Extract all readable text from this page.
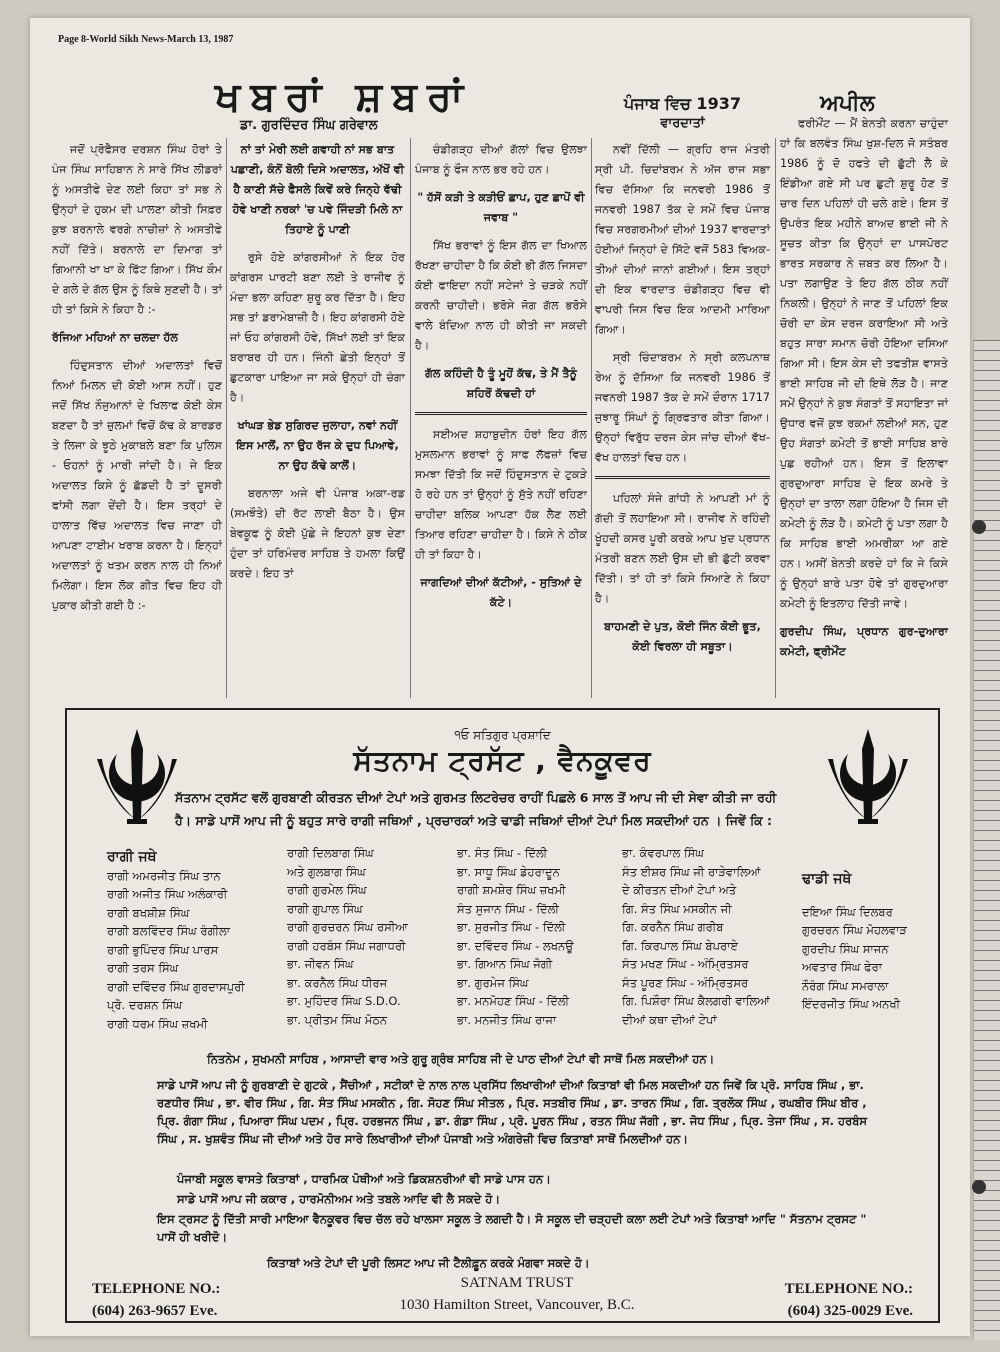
Page 8-World Sikh News-March 13, 1987
ਖਬਰਾਂ ਸ਼ਬਰਾਂ
ਡਾ. ਗੁਰਦਿੰਦਰ ਸਿੰਘ ਗਰੇਵਾਲ

ਜਦੋਂ ਪ੍ਰੋਫੈਸਰ ਦਰਸ਼ਨ ਸਿੰਘ ਹੋਰਾਂ ਤੇ ਪੰਜ ਸਿੰਘ ਸਾਹਿਬਾਨ ਨੇ ਸਾਰੇ ਸਿੱਖ ਲੀਡਰਾਂ ਨੂੰ ਅਸਤੀਫੇ ਦੇਣ ਲਈ ਕਿਹਾ ਤਾਂ ਸਭ ਨੇ ਉਨ੍ਹਾਂ ਦੇ ਹੁਕਮ ਦੀ ਪਾਲਣਾ ਕੀਤੀ ਸਿਫ਼ਰ ਕੁਝ ਬਰਨਾਲੇ ਵਰਗੇ ਨਾਚੀਜ਼ਾਂ ਨੇ ਅਸਤੀਫੇ ਨਹੀਂ ਦਿੱਤੇ। ਬਰਨਾਲੇ ਦਾ ਦਿਮਾਗ ਤਾਂ ਗਿਆਨੀ ਖਾ ਖਾ ਕੇ ਫਿੱਟ ਗਿਆ। ਸਿੱਖ ਕੌਮ ਦੇ ਗਲੇ ਦੇ ਗੱਲ ਉਸ ਨੂੰ ਕਿਥੇ ਸੁਣਦੀ ਹੈ। ਤਾਂ ਹੀ ਤਾਂ ਕਿਸੇ ਨੇ ਕਿਹਾ ਹੈ :-

ਰੱਜਿਆ ਮਹਿਆਂ ਨਾ ਚਲਦਾ ਹੱਲ

ਹਿੰਦੁਸਤਾਨ ਦੀਆਂ ਅਦਾਲਤਾਂ ਵਿਚੋਂ ਨਿਆਂ ਮਿਲਨ ਦੀ ਕੋਈ ਆਸ ਨਹੀਂ। ਹੁਣ ਜਦੋਂ ਸਿੱਖ ਨੌਜੁਆਨਾਂ ਦੇ ਖਿਲਾਫ ਕੋਈ ਕੇਸ ਬਣਦਾ ਹੈ ਤਾਂ ਜ਼ੁਲਮਾਂ ਵਿਚੋਂ ਕੱਢ ਕੇ ਬਾਰਡਰ ਤੇ ਲਿਜਾ ਕੇ ਝੂਠੇ ਮੁਕਾਬਲੇ ਬਣਾ ਕਿ ਪੁਲਿਸ - ਓਹਨਾਂ ਨੂੰ ਮਾਰੀ ਜਾਂਦੀ ਹੈ। ਜੇ ਇਕ ਅਦਾਲਤ ਕਿਸੇ ਨੂੰ ਛੱਡਦੀ ਹੈ ਤਾਂ ਦੂਸਰੀ ਫਾਂਸੀ ਲਗਾ ਦੇਂਦੀ ਹੈ। ਇਸ ਤਰ੍ਹਾਂ ਦੇ ਹਾਲਾਤ ਵਿੱਚ ਅਦਾਲਤ ਵਿਚ ਜਾਣਾ ਹੀ ਆਪਣਾ ਟਾਈਮ ਖਰਾਬ ਕਰਨਾ ਹੈ। ਇਨ੍ਹਾਂ ਅਦਾਲਤਾਂ ਨੂੰ ਖਤਮ ਕਰਨ ਨਾਲ ਹੀ ਨਿਆਂ ਮਿਲੇਗਾ। ਇਸ ਲੋਕ ਗੀਤ ਵਿਚ ਇਹ ਹੀ ਪੁਕਾਰ ਕੀਤੀ ਗਈ ਹੈ :-

ਨਾਂ ਤਾਂ ਮੇਰੀ ਲਈ ਗਵਾਹੀ ਨਾਂ ਸਭ ਬਾਤ ਪਛਾਣੀ, ਕੰਨੋਂ ਬੋਲੀ ਦਿਸੇ ਅਦਾਲਤ, ਅੱਖੋਂ ਵੀ ਹੈ ਕਾਣੀ ਸੱਚੇ ਫੈਸਲੇ ਕਿਵੇਂ ਕਰੇ ਜਿਨ੍ਹੇ ਵੱਢੀ ਹੋਵੇ ਖਾਣੀ ਨਰਕਾਂ 'ਚ ਪਵੇ ਜਿੰਦੜੀ ਮਿਲੇ ਨਾ ਤਿਹਾਏ ਨੂੰ ਪਾਣੀ

ਰੁਸੇ ਹੋਏ ਕਾਂਗਰਸੀਆਂ ਨੇ ਇਕ ਹੋਰ ਕਾਂਗਰਸ ਪਾਰਟੀ ਬਣਾ ਲਈ ਤੇ ਰਾਜੀਵ ਨੂੰ ਮੰਦਾ ਭਲਾ ਕਹਿਣਾ ਸ਼ੁਰੂ ਕਰ ਦਿੱਤਾ ਹੈ। ਇਹ ਸਭ ਤਾਂ ਡਰਾਮੇਬਾਜ਼ੀ ਹੈ। ਇਹ ਕਾਂਗਰਸੀ ਹੋਏ ਜਾਂ ਓਹ ਕਾਂਗਰਸੀ ਹੋਵੇ, ਸਿੱਖਾਂ ਲਈ ਤਾਂ ਇਕ ਬਰਾਬਰ ਹੀ ਹਨ। ਜਿੰਨੀ ਛੇਤੀ ਇਨ੍ਹਾਂ ਤੋਂ ਛੁਟਕਾਰਾ ਪਾਇਆ ਜਾ ਸਕੇ ਉਨ੍ਹਾਂ ਹੀ ਚੰਗਾ ਹੈ।

ਖਾਂਘੜ ਭੇਡ ਸੁਗਿਰਦ ਜੁਲਾਹਾ, ਨਵਾਂ ਨਹੀਂ ਇਸ ਮਾਲੋਂ, ਨਾ ਉਹ ਰੱਜ ਕੇ ਦੁਧ ਪਿਆਵੇ, ਨਾ ਉਹ ਕੱਢੇ ਕਾਲੋਂ।

ਬਰਨਾਲਾ ਅਜੇ ਵੀ ਪੰਜਾਬ ਅਕਾ-ਰਡ (ਸਮਝੌਤੇ) ਦੀ ਰੱਟ ਲਾਈ ਬੈਠਾ ਹੈ। ਉਸ ਬੇਵਕੂਫ ਨੂੰ ਕੋਈ ਪੁੱਛੇ ਜੇ ਇਹਨਾਂ ਕੁਝ ਦੇਣਾ ਹੁੰਦਾ ਤਾਂ ਹਰਿਮੰਦਰ ਸਾਹਿਬ ਤੇ ਹਮਲਾ ਕਿਉਂ ਕਰਦੇ। ਇਹ ਤਾਂ

ਚੰਡੀਗੜ੍ਹ ਦੀਆਂ ਗੱਲਾਂ ਵਿਚ ਉਲਝਾ ਪੰਜਾਬ ਨੂੰ ਫੌਜ ਨਾਲ ਭਰ ਰਹੇ ਹਨ।

" ਹੱਸੋਂ ਕੜੀ ਤੇ ਕੜੀਓਂ ਛਾਪ, ਹੁਣ ਛਾਪੋਂ ਵੀ ਜਵਾਬ "

ਸਿੱਖ ਭਰਾਵਾਂ ਨੂੰ ਇਸ ਗੱਲ ਦਾ ਖਿਆਲ ਰੱਖਣਾ ਚਾਹੀਦਾ ਹੈ ਕਿ ਕੋਈ ਭੀ ਗੱਲ ਜਿਸਦਾ ਕੋਈ ਫਾਇਦਾ ਨਹੀਂ ਸਟੇਜਾਂ ਤੇ ਚੜਕੇ ਨਹੀਂ ਕਰਨੀ ਚਾਹੀਦੀ। ਭਰੋਸੇ ਜੋਗ ਗੱਲ ਭਰੋਸੇ ਵਾਲੇ ਬੰਦਿਆ ਨਾਲ ਹੀ ਕੀਤੀ ਜਾ ਸਕਦੀ ਹੈ।

ਗੱਲ ਕਹਿੰਦੀ ਹੈ ਤੂੰ ਮੂਹੋਂ ਕੱਢ, ਤੇ ਮੈਂ ਤੈਨੂੰ ਸ਼ਹਿਰੋਂ ਕੱਢਦੀ ਹਾਂ

ਸਈਅਦ ਸ਼ਹਾਬੁਦੀਨ ਹੋਰਾਂ ਇਹ ਗੱਲ ਮੁਸਲਮਾਨ ਭਰਾਵਾਂ ਨੂੰ ਸਾਫ ਲੱਫਜ਼ਾਂ ਵਿਚ ਸਮਝਾ ਦਿੱਤੀ ਕਿ ਜਦੋਂ ਹਿੰਦੁਸਤਾਨ ਦੇ ਟੁਕੜੇ ਹੋ ਰਹੇ ਹਨ ਤਾਂ ਉਨ੍ਹਾਂ ਨੂੰ ਸੁੱਤੇ ਨਹੀਂ ਰਹਿਣਾ ਚਾਹੀਦਾ ਬਲਿਕ ਆਪਣਾ ਹੱਕ ਲੈਣ ਲਈ ਤਿਆਰ ਰਹਿਣਾ ਚਾਹੀਦਾ ਹੈ। ਕਿਸੇ ਨੇ ਠੀਕ ਹੀ ਤਾਂ ਕਿਹਾ ਹੈ।

ਜਾਗਦਿਆਂ ਦੀਆਂ ਕੱਟੀਆਂ, - ਸੁਤਿਆਂ ਦੇ ਕੱਟੇ।

ਪੰਜਾਬ ਵਿਚ 1937

ਵਾਰਦਾਤਾਂ

ਨਵੀਂ ਦਿੱਲੀ — ਗ੍ਰਹਿ ਰਾਜ ਮੰਤਰੀ ਸ੍ਰੀ ਪੀ. ਚਿਦਾਂਬਰਮ ਨੇ ਅੱਜ ਰਾਜ ਸਭਾ ਵਿਚ ਦੱਸਿਆ ਕਿ ਜਨਵਰੀ 1986 ਤੋਂ ਜਨਵਰੀ 1987 ਤੱਕ ਦੇ ਸਮੇਂ ਵਿਚ ਪੰਜਾਬ ਵਿਚ ਸਰਗਰਮੀਆਂ ਦੀਆਂ 1937 ਵਾਰਦਾਤਾਂ ਹੋਈਆਂ ਜਿਨ੍ਹਾਂ ਦੇ ਸਿੱਟੇ ਵਜੋਂ 583 ਵਿਅਕ-ਤੀਆਂ ਦੀਆਂ ਜਾਨਾਂ ਗਈਆਂ। ਇਸ ਤਰ੍ਹਾਂ ਦੀ ਇਕ ਵਾਰਦਾਤ ਚੰਡੀਗੜ੍ਹ ਵਿਚ ਵੀ ਵਾਪਰੀ ਜਿਸ ਵਿਚ ਇਕ ਆਦਮੀ ਮਾਰਿਆ ਗਿਆ।

ਸ੍ਰੀ ਚਿੰਦਾਬਰਮ ਨੇ ਸ੍ਰੀ ਕਲਪਨਾਥ ਰੇਅ ਨੂੰ ਦੱਸਿਆ ਕਿ ਜਨਵਰੀ 1986 ਤੋਂ ਜਵਨਰੀ 1987 ਤੱਕ ਦੇ ਸਮੇਂ ਦੌਰਾਨ 1717 ਜੁਝਾਰੂ ਸਿੰਘਾਂ ਨੂੰ ਗ੍ਰਿਫਤਾਰ ਕੀਤਾ ਗਿਆ। ਉਨ੍ਹਾਂ ਵਿਰੁੱਧ ਦਰਜ ਕੇਸ ਜਾਂਚ ਦੀਆਂ ਵੱਖ-ਵੱਖ ਹਾਲਤਾਂ ਵਿਚ ਹਨ।

ਪਹਿਲਾਂ ਸੰਜੇ ਗਾਂਧੀ ਨੇ ਆਪਣੀ ਮਾਂ ਨੂੰ ਗੱਦੀ ਤੋਂ ਲਹਾਇਆ ਸੀ। ਰਾਜੀਵ ਨੇ ਰਹਿੰਦੀ ਖੂੰਹਦੀ ਕਸਰ ਪੂਰੀ ਕਰਕੇ ਆਪ ਖੁਦ ਪ੍ਰਧਾਨ ਮੰਤਰੀ ਬਣਨ ਲਈ ਉਸ ਦੀ ਭੀ ਛੁੱਟੀ ਕਰਵਾ ਦਿੱਤੀ। ਤਾਂ ਹੀ ਤਾਂ ਕਿਸੇ ਸਿਆਣੇ ਨੇ ਕਿਹਾ ਹੈ।

ਬਾਹਮਣੀ ਦੇ ਪੁਤ, ਕੋਈ ਜਿੰਨ ਕੋਈ ਭੂਤ, ਕੋਈ ਵਿਰਲਾ ਹੀ ਸਬੂਤਾ।

ਅਪੀਲ

ਫਰੀਮੌਂਟ — ਮੈਂ ਬੇਨਤੀ ਕਰਨਾ ਚਾਹੁੰਦਾ ਹਾਂ ਕਿ ਬਲਵੰਤ ਸਿੰਘ ਖੁਸ਼-ਦਿਲ ਜੋ ਸਤੰਬਰ 1986 ਨੂੰ ਦੋ ਹਫਤੇ ਦੀ ਛੁੱਟੀ ਲੈ ਕੇ ਇੰਡੀਆ ਗਏ ਸੀ ਪਰ ਛੁਟੀ ਸ਼ੁਰੂ ਹੋਣ ਤੋਂ ਚਾਰ ਦਿਨ ਪਹਿਲਾਂ ਹੀ ਚਲੇ ਗਏ। ਇਸ ਤੋਂ ਉਪਰੰਤ ਇਕ ਮਹੀਨੇ ਬਾਅਦ ਭਾਈ ਜੀ ਨੇ ਸੂਚਤ ਕੀਤਾ ਕਿ ਉਨ੍ਹਾਂ ਦਾ ਪਾਸਪੋਰਟ ਭਾਰਤ ਸਰਕਾਰ ਨੇ ਜ਼ਬਤ ਕਰ ਲਿਆ ਹੈ। ਪਤਾ ਲਗਾਉਣ ਤੇ ਇਹ ਗੱਲ ਠੀਕ ਨਹੀਂ ਨਿਕਲੀ। ਉਨ੍ਹਾਂ ਨੇ ਜਾਣ ਤੋਂ ਪਹਿਲਾਂ ਇਕ ਚੋਰੀ ਦਾ ਕੇਸ ਦਰਜ ਕਰਾਇਆ ਸੀ ਅਤੇ ਬਹੁਤ ਸਾਰਾ ਸਮਾਨ ਚੋਰੀ ਹੋਇਆ ਦਸਿਆ ਗਿਆ ਸੀ। ਇਸ ਕੇਸ ਦੀ ਤਫਤੀਸ਼ ਵਾਸਤੇ ਭਾਈ ਸਾਹਿਬ ਜੀ ਦੀ ਇਥੇ ਲੋੜ ਹੈ। ਜਾਣ ਸਮੇਂ ਉਨ੍ਹਾਂ ਨੇ ਕੁਝ ਸੰਗਤਾਂ ਤੋਂ ਸਹਾਇਤਾ ਜਾਂ ਉਧਾਰ ਵਜੋਂ ਕੁਝ ਰਕਮਾਂ ਲਈਆਂ ਸਨ, ਹੁਣ ਉਹ ਸੰਗਤਾਂ ਕਮੇਟੀ ਤੋਂ ਭਾਈ ਸਾਹਿਬ ਬਾਰੇ ਪੁਛ ਰਹੀਆਂ ਹਨ। ਇਸ ਤੋਂ ਇਲਾਵਾ ਗੁਰਦੁਆਰਾ ਸਾਹਿਬ ਦੇ ਇਕ ਕਮਰੇ ਤੇ ਉਨ੍ਹਾਂ ਦਾ ਤਾਲਾ ਲਗਾ ਹੋਇਆ ਹੈ ਜਿਸ ਦੀ ਕਮੇਟੀ ਨੂੰ ਲੋੜ ਹੈ। ਕਮੇਟੀ ਨੂੰ ਪਤਾ ਲਗਾ ਹੈ ਕਿ ਸਾਹਿਬ ਭਾਈ ਅਮਰੀਕਾ ਆ ਗਏ ਹਨ। ਅਸੀਂ ਬੇਨਤੀ ਕਰਦੇ ਹਾਂ ਕਿ ਜੇ ਕਿਸੇ ਨੂੰ ਉਨ੍ਹਾਂ ਬਾਰੇ ਪਤਾ ਹੋਵੇ ਤਾਂ ਗੁਰਦੁਆਰਾ ਕਮੇਟੀ ਨੂੰ ਇਤਲਾਹ ਦਿੱਤੀ ਜਾਵੇ।

ਗੁਰਦੀਪ ਸਿੰਘ, ਪ੍ਰਧਾਨ ਗੁਰ-ਦੁਆਰਾ ਕਮੇਟੀ, ਫ੍ਰੀਮੌਂਟ

੧ਓ ਸਤਿਗੁਰ ਪ੍ਰਸ਼ਾਦਿ
ਸੱਤਨਾਮ ਟ੍ਰਸੱਟ , ਵੈਨਕੂਵਰ
ਸੱਤਨਾਮ ਟ੍ਰਸੱਟ ਵਲੋਂ ਗੁਰਬਾਣੀ ਕੀਰਤਨ ਦੀਆਂ ਟੇਪਾਂ ਅਤੇ ਗੁਰਮਤ ਲਿਟਰੇਚਰ ਰਾਹੀਂ ਪਿਛਲੇ 6 ਸਾਲ ਤੋਂ ਆਪ ਜੀ ਦੀ ਸੇਵਾ ਕੀਤੀ ਜਾ ਰਹੀ ਹੈ। ਸਾਡੇ ਪਾਸੋਂ ਆਪ ਜੀ ਨੂੰ ਬਹੁਤ ਸਾਰੇ ਰਾਗੀ ਜਥਿਆਂ , ਪ੍ਰਚਾਰਕਾਂ ਅਤੇ ਢਾਡੀ ਜਥਿਆਂ ਦੀਆਂ ਟੇਪਾਂ ਮਿਲ ਸਕਦੀਆਂ ਹਨ । ਜਿਵੇਂ ਕਿ :
ਰਾਗੀ ਜਥੇ
ਰਾਗੀ ਅਮਰਜੀਤ ਸਿੰਘ ਤਾਨ
ਰਾਗੀ ਅਜੀਤ ਸਿੰਘ ਅਲੰਕਾਰੀ
ਰਾਗੀ ਬਖਸ਼ੀਸ਼ ਸਿੰਘ
ਰਾਗੀ ਬਲਵਿੰਦਰ ਸਿੰਘ ਰੰਗੀਲਾ
ਰਾਗੀ ਭੁਪਿੰਦਰ ਸਿੰਘ ਪਾਰਸ
ਰਾਗੀ ਤਰਸ ਸਿੰਘ
ਰਾਗੀ ਦਵਿੰਦਰ ਸਿੰਘ ਗੁਰਦਾਸਪੁਰੀ
ਪ੍ਰੋ. ਦਰਸ਼ਨ ਸਿੰਘ
ਰਾਗੀ ਧਰਮ ਸਿੰਘ ਜ਼ਖਮੀ
ਰਾਗੀ ਦਿਲਬਾਗ ਸਿੰਘ
ਅਤੇ ਗੁਲਬਾਗ ਸਿੰਘ
ਰਾਗੀ ਗੁਰਮੇਲ ਸਿੰਘ
ਰਾਗੀ ਗੁਪਾਲ ਸਿੰਘ
ਰਾਗੀ ਗੁਰਚਰਨ ਸਿੰਘ ਰਸੀਆ
ਰਾਗੀ ਹਰਬੰਸ ਸਿੰਘ ਜਗਾਧਰੀ
ਭਾ. ਜੀਵਨ ਸਿੰਘ
ਭਾ. ਕਰਨੈਲ ਸਿੰਘ ਧੀਰਜ
ਭਾ. ਮੁਹਿੰਦਰ ਸਿੰਘ S.D.O.
ਭਾ. ਪ੍ਰੀਤਮ ਸਿੰਘ ਮੋਠਨ
ਭਾ. ਸੰਤ ਸਿੰਘ - ਦਿੱਲੀ
ਭਾ. ਸਾਧੂ ਸਿੰਘ ਡੇਹਰਾਦੂਨ
ਰਾਗੀ ਸ਼ਮਸ਼ੇਰ ਸਿੰਘ ਜ਼ਖਮੀ
ਸੰਤ ਸੁਜਾਨ ਸਿੰਘ - ਦਿੱਲੀ
ਭਾ. ਸੁਰਜੀਤ ਸਿੰਘ - ਦਿੱਲੀ
ਭਾ. ਦਵਿੰਦਰ ਸਿੰਘ - ਲਖਨਊ
ਭਾ. ਗਿਆਨ ਸਿੰਘ ਜੋਗੀ
ਭਾ. ਗੁਰਮੇਜ ਸਿੰਘ
ਭਾ. ਮਨਮੋਹਣ ਸਿੰਘ - ਦਿੱਲੀ
ਭਾ. ਮਨਜੀਤ ਸਿੰਘ ਰਾਜਾ
ਭਾ. ਕੰਵਰਪਾਲ ਸਿੰਘ
ਸੰਤ ਈਸ਼ਰ ਸਿੰਘ ਜੀ ਰਾੜੇਵਾਲਿਆਂ
ਦੇ ਕੀਰਤਨ ਦੀਆਂ ਟੇਪਾਂ ਅਤੇ
ਗਿ. ਸੰਤ ਸਿੰਘ ਮਸਕੀਨ ਜੀ
ਗਿ. ਕਰਨੈਨ ਸਿੰਘ ਗਰੀਬ
ਗਿ. ਕਿਰਪਾਲ ਸਿੰਘ ਬੇਪਰਾਏ
ਸੰਤ ਮਖਣ ਸਿੰਘ - ਅੰਮ੍ਰਿਤਸਰ
ਸੰਤ ਪੂਰਣ ਸਿੰਘ - ਅੰਮ੍ਰਿਤਸਰ
ਗਿ. ਪਿਸ਼ੌਰਾ ਸਿੰਘ ਕੈਲਗਰੀ ਵਾਲਿਆਂ
ਦੀਆਂ ਕਥਾ ਦੀਆਂ ਟੇਪਾਂ
ਢਾਡੀ ਜਥੇ
ਦਇਆ ਸਿੰਘ ਦਿਲਬਰ
ਗੁਰਚਰਨ ਸਿੰਘ ਮੋਹਲਵਾੜ
ਗੁਰਦੀਪ ਸਿੰਘ ਸਾਜਨ
ਅਵਤਾਰ ਸਿੰਘ ਫੇਰਾ
ਨੌਰੰਗ ਸਿੰਘ ਸਮਰਾਲਾ
ਇੰਦਰਜੀਤ ਸਿੰਘ ਅਨਖੀ
ਨਿਤਨੇਮ , ਸੁਖਮਨੀ ਸਾਹਿਬ , ਆਸਾਦੀ ਵਾਰ ਅਤੇ ਗੁਰੂ ਗ੍ਰੰਥ ਸਾਹਿਬ ਜੀ ਦੇ ਪਾਠ ਦੀਆਂ ਟੇਪਾਂ ਵੀ ਸਾਥੋਂ ਮਿਲ ਸਕਦੀਆਂ ਹਨ।
ਸਾਡੇ ਪਾਸੋਂ ਆਪ ਜੀ ਨੂੰ ਗੁਰਬਾਣੀ ਦੇ ਗੁਟਕੇ , ਸੈਂਚੀਆਂ , ਸਟੀਕਾਂ ਦੇ ਨਾਲ ਨਾਲ ਪ੍ਰਸਿੱਧ ਲਿਖਾਰੀਆਂ ਦੀਆਂ ਕਿਤਾਬਾਂ ਵੀ ਮਿਲ ਸਕਦੀਆਂ ਹਨ ਜਿਵੇਂ ਕਿ ਪ੍ਰੋ. ਸਾਹਿਬ ਸਿੰਘ , ਭਾ. ਰਣਧੀਰ ਸਿੰਘ , ਭਾ. ਵੀਰ ਸਿੰਘ , ਗਿ. ਸੰਤ ਸਿੰਘ ਮਸਕੀਨ , ਗਿ. ਸੋਹਣ ਸਿੰਘ ਸੀਤਲ , ਪ੍ਰਿ. ਸਤਬੀਰ ਸਿੰਘ , ਡਾ. ਤਾਰਨ ਸਿੰਘ , ਗਿ. ਤ੍ਰਲੋਕ ਸਿੰਘ , ਰਘਬੀਰ ਸਿੰਘ ਬੀਰ , ਪ੍ਰਿ. ਗੰਗਾ ਸਿੰਘ , ਪਿਆਰਾ ਸਿੰਘ ਪਦਮ , ਪ੍ਰਿ. ਹਰਭਜਨ ਸਿੰਘ , ਡਾ. ਗੰਡਾ ਸਿੰਘ , ਪ੍ਰੋ. ਪੂਰਨ ਸਿੰਘ , ਰਤਨ ਸਿੰਘ ਜੱਗੀ , ਭਾ. ਜੋਧ ਸਿੰਘ , ਪ੍ਰਿ. ਤੇਜਾ ਸਿੰਘ , ਸ. ਹਰਬੰਸ ਸਿੰਘ , ਸ. ਖੁਸ਼ਵੰਤ ਸਿੰਘ ਜੀ ਦੀਆਂ ਅਤੇ ਹੋਰ ਸਾਰੇ ਲਿਖਾਰੀਆਂ ਦੀਆਂ ਪੰਜਾਬੀ ਅਤੇ ਅੰਗਰੇਜ਼ੀ ਵਿਚ ਕਿਤਾਬਾਂ ਸਾਥੋਂ ਮਿਲਦੀਆਂ ਹਨ।
ਪੰਜਾਬੀ ਸਕੂਲ ਵਾਸਤੇ ਕਿਤਾਬਾਂ , ਧਾਰਮਿਕ ਪੋਥੀਆਂ ਅਤੇ ਡਿਕਸ਼ਨਰੀਆਂ ਵੀ ਸਾਡੇ ਪਾਸ ਹਨ।
ਸਾਡੇ ਪਾਸੋਂ ਆਪ ਜੀ ਕਕਾਰ , ਹਾਰਮੋਨੀਅਮ ਅਤੇ ਤਬਲੇ ਆਦਿ ਵੀ ਲੈ ਸਕਦੇ ਹੋ।
ਇਸ ਟ੍ਰਸਟ ਨੂੰ ਦਿੱਤੀ ਸਾਰੀ ਮਾਇਆ ਵੈਨਕੂਵਰ ਵਿਚ ਚੱਲ ਰਹੇ ਖਾਲਸਾ ਸਕੂਲ ਤੇ ਲਗਦੀ ਹੈ। ਸੋ ਸਕੂਲ ਦੀ ਚੜ੍ਹਦੀ ਕਲਾ ਲਈ ਟੇਪਾਂ ਅਤੇ ਕਿਤਾਬਾਂ ਆਦਿ " ਸੱਤਨਾਮ ਟ੍ਰਸਟ " ਪਾਸੋਂ ਹੀ ਖਰੀਦੋ।
ਕਿਤਾਬਾਂ ਅਤੇ ਟੇਪਾਂ ਦੀ ਪੂਰੀ ਲਿਸਟ ਆਪ ਜੀ ਟੈਲੀਫ਼ੂਨ ਕਰਕੇ ਮੰਗਵਾ ਸਕਦੇ ਹੋ।
TELEPHONE NO.:
(604) 263-9657 Eve.
SATNAM TRUST
1030 Hamilton Street, Vancouver, B.C.
TELEPHONE NO.:
(604) 325-0029 Eve.
